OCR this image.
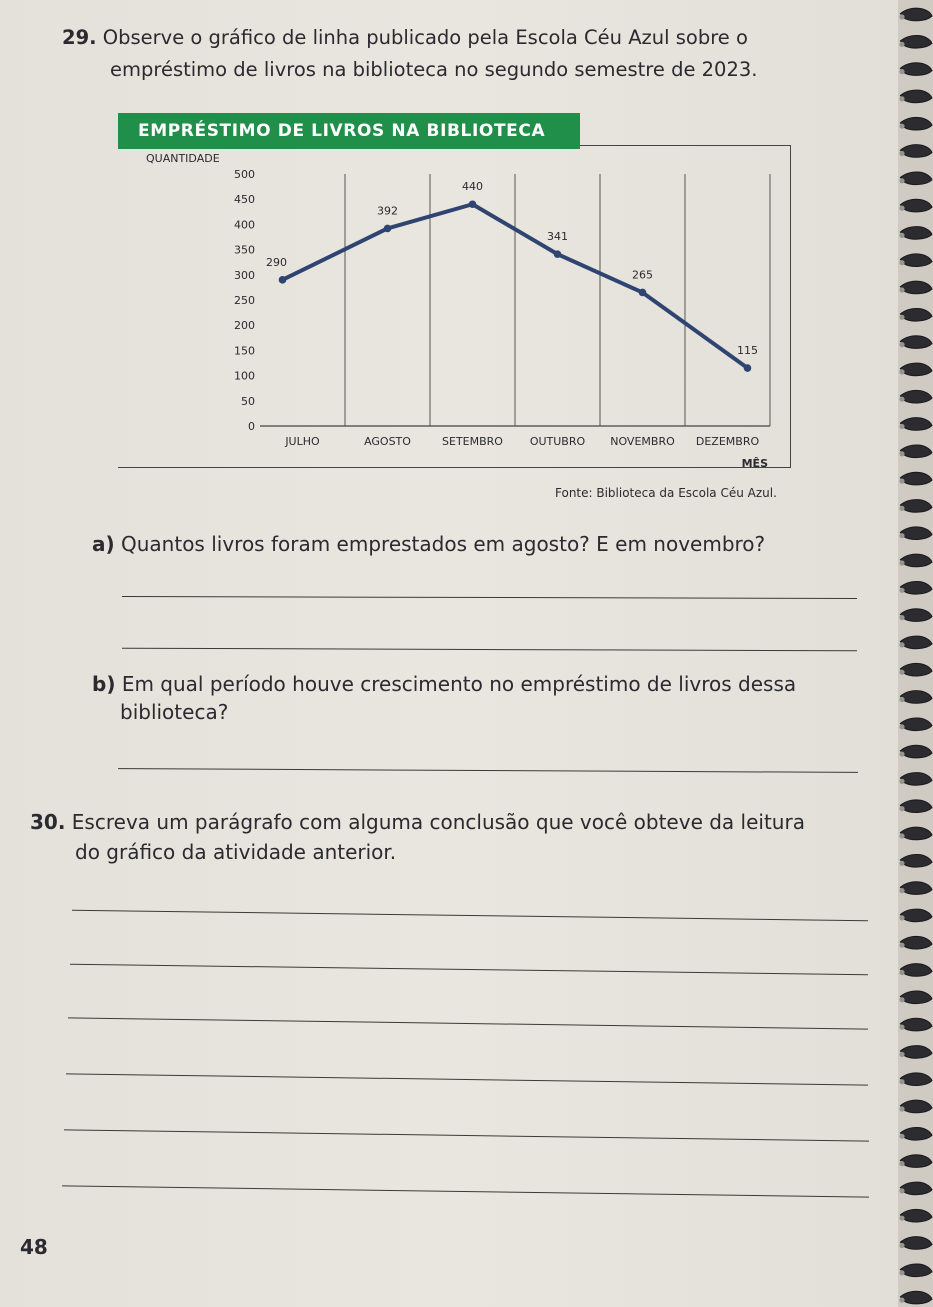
29. Observe o gráfico de linha publicado pela Escola Céu Azul sobre o
empréstimo de livros na biblioteca no segundo semestre de 2023.
EMPRÉSTIMO DE LIVROS NA BIBLIOTECA
QUANTIDADE
MÊS
0
50
100
150
200
250
300
350
400
450
500
JULHO	AGOSTO	SETEMBRO OUTUBRO NOVEMBRO DEZEMBRO
290
392
440
341
265
115
Fonte: Biblioteca da Escola Céu Azul.
a) Quantos livros foram emprestados em agosto? E em novembro?
b) Em qual período houve crescimento no empréstimo de livros dessa
biblioteca?
30. Escreva um parágrafo com alguma conclusão que você obteve da leitura
do gráfico da atividade anterior.
48
